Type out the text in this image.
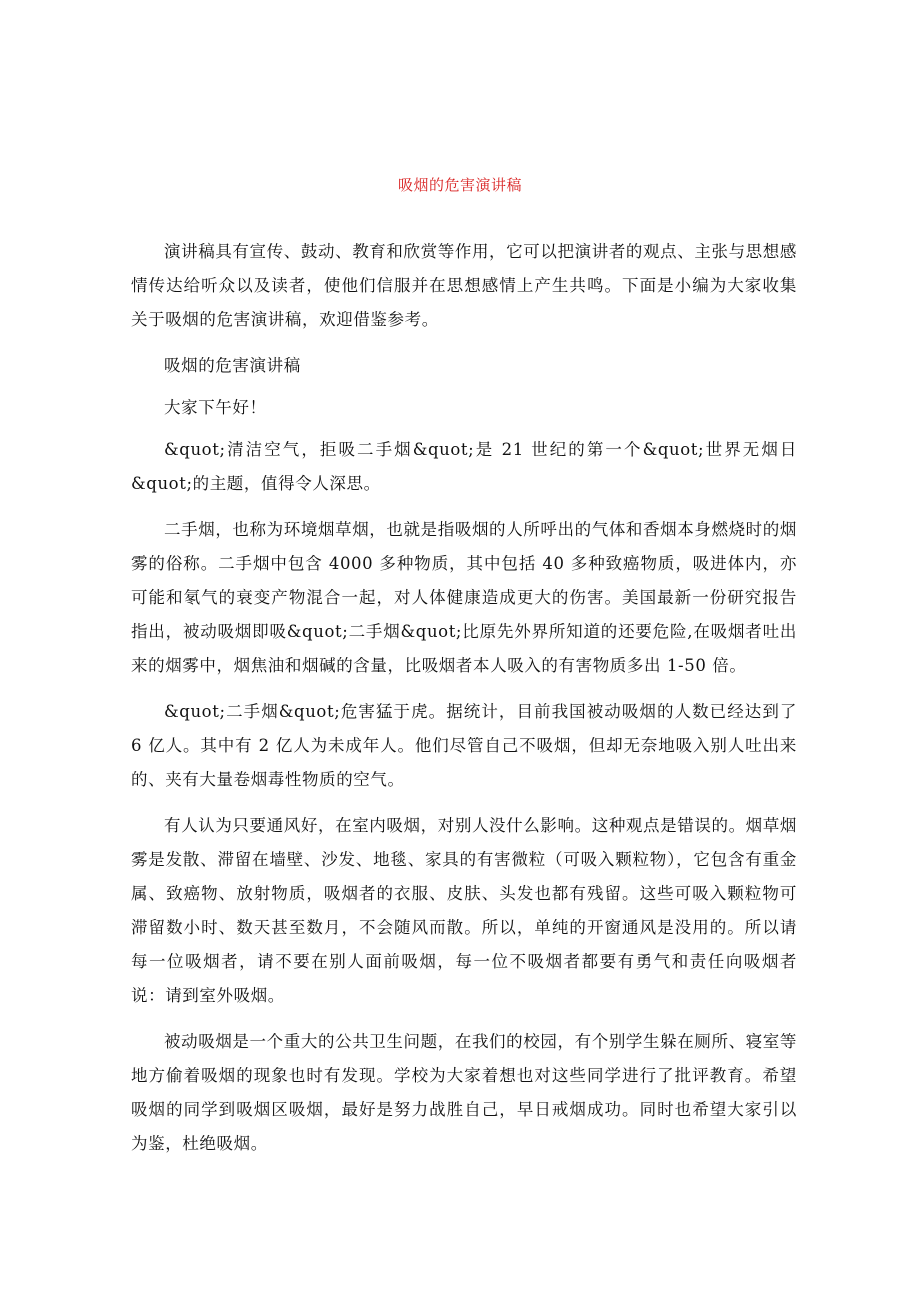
吸烟的危害演讲稿

演讲稿具有宣传、鼓动、教育和欣赏等作用，它可以把演讲者的观点、主张与思想感情传达给听众以及读者，使他们信服并在思想感情上产生共鸣。下面是小编为大家收集关于吸烟的危害演讲稿，欢迎借鉴参考。

吸烟的危害演讲稿

大家下午好！

&quot;清洁空气，拒吸二手烟&quot;是 21 世纪的第一个&quot;世界无烟日&quot;的主题，值得令人深思。

二手烟，也称为环境烟草烟，也就是指吸烟的人所呼出的气体和香烟本身燃烧时的烟雾的俗称。二手烟中包含 4000 多种物质，其中包括 40 多种致癌物质，吸进体内，亦可能和氡气的衰变产物混合一起，对人体健康造成更大的伤害。美国最新一份研究报告指出，被动吸烟即吸&quot;二手烟&quot;比原先外界所知道的还要危险,在吸烟者吐出来的烟雾中，烟焦油和烟碱的含量，比吸烟者本人吸入的有害物质多出 1-50 倍。

&quot;二手烟&quot;危害猛于虎。据统计，目前我国被动吸烟的人数已经达到了 6 亿人。其中有 2 亿人为未成年人。他们尽管自己不吸烟，但却无奈地吸入别人吐出来的、夹有大量卷烟毒性物质的空气。

有人认为只要通风好，在室内吸烟，对别人没什么影响。这种观点是错误的。烟草烟雾是发散、滞留在墙壁、沙发、地毯、家具的有害微粒（可吸入颗粒物），它包含有重金属、致癌物、放射物质，吸烟者的衣服、皮肤、头发也都有残留。这些可吸入颗粒物可滞留数小时、数天甚至数月，不会随风而散。所以，单纯的开窗通风是没用的。所以请每一位吸烟者，请不要在别人面前吸烟，每一位不吸烟者都要有勇气和责任向吸烟者说：请到室外吸烟。

被动吸烟是一个重大的公共卫生问题，在我们的校园，有个别学生躲在厕所、寝室等地方偷着吸烟的现象也时有发现。学校为大家着想也对这些同学进行了批评教育。希望吸烟的同学到吸烟区吸烟，最好是努力战胜自己，早日戒烟成功。同时也希望大家引以为鉴，杜绝吸烟。
